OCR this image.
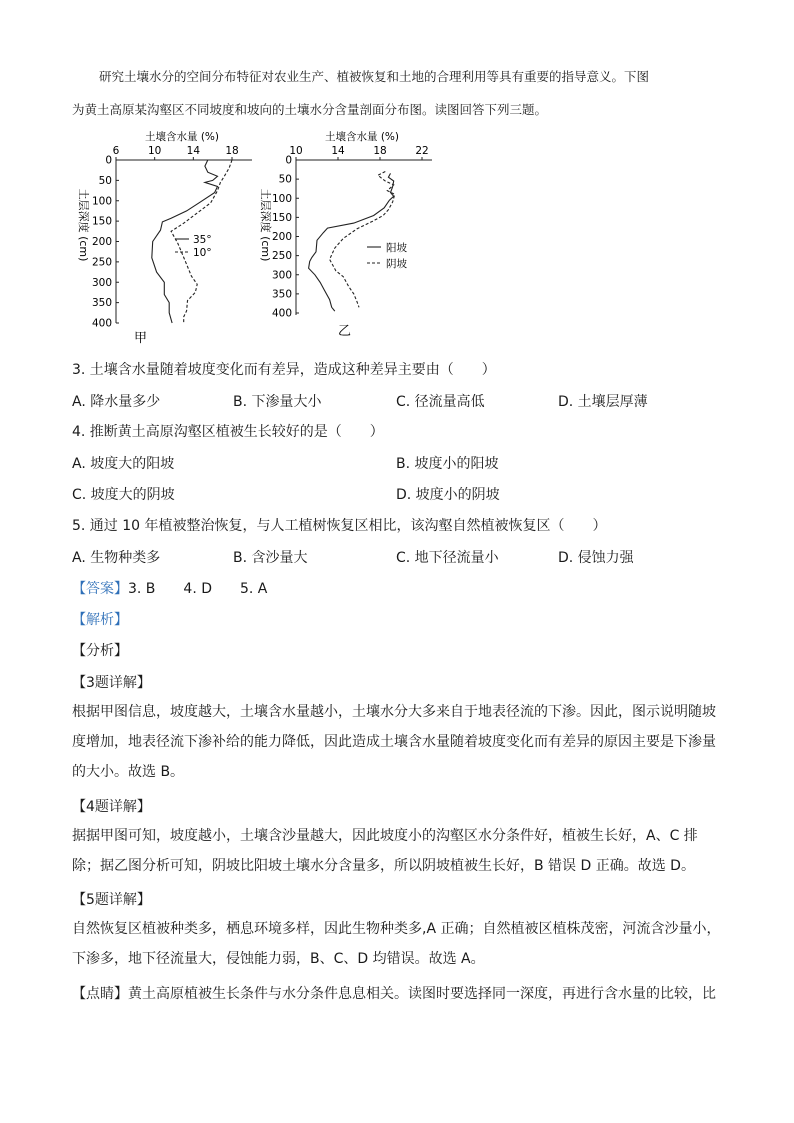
研究土壤水分的空间分布特征对农业生产、植被恢复和土地的合理利用等具有重要的指导意义。下图

为黄土高原某沟壑区不同坡度和坡向的土壤水分含量剖面分布图。读图回答下列三题。
土壤含水量 (%)
6	10 14 18
0
50
100
150
200
250
300
350
400
土层深度 (cm)	35°
10°
甲
土壤含水量 (%)
10	14	18	22
0
50
100
150
200
250
300
350
400
土层深度 (cm)	阳坡
阴坡
乙
3. 土壤含水量随着坡度变化而有差异，造成这种差异主要由（　　）
A. 降水量多少	B. 下渗量大小	C. 径流量高低	D. 土壤层厚薄
4. 推断黄土高原沟壑区植被生长较好的是（　　）
A. 坡度大的阳坡	B. 坡度小的阳坡
C. 坡度大的阴坡	D. 坡度小的阴坡
5. 通过 10 年植被整治恢复，与人工植树恢复区相比，该沟壑自然植被恢复区（　　）
A. 生物种类多	B. 含沙量大	C. 地下径流量小	D. 侵蚀力强
【答案】3. B　　4. D　　5. A
【解析】
【分析】
【3题详解】

根据甲图信息，坡度越大，土壤含水量越小，土壤水分大多来自于地表径流的下渗。因此，图示说明随坡

度增加，地表径流下渗补给的能力降低，因此造成土壤含水量随着坡度变化而有差异的原因主要是下渗量

的大小。故选 B。

【4题详解】

据据甲图可知，坡度越小，土壤含沙量越大，因此坡度小的沟壑区水分条件好，植被生长好，A、C 排

除；据乙图分析可知，阴坡比阳坡土壤水分含量多，所以阴坡植被生长好，B 错误 D 正确。故选 D。

【5题详解】

自然恢复区植被种类多，栖息环境多样，因此生物种类多,A 正确；自然植被区植株茂密，河流含沙量小，

下渗多，地下径流量大，侵蚀能力弱，B、C、D 均错误。故选 A。

【点睛】黄土高原植被生长条件与水分条件息息相关。读图时要选择同一深度，再进行含水量的比较，比
